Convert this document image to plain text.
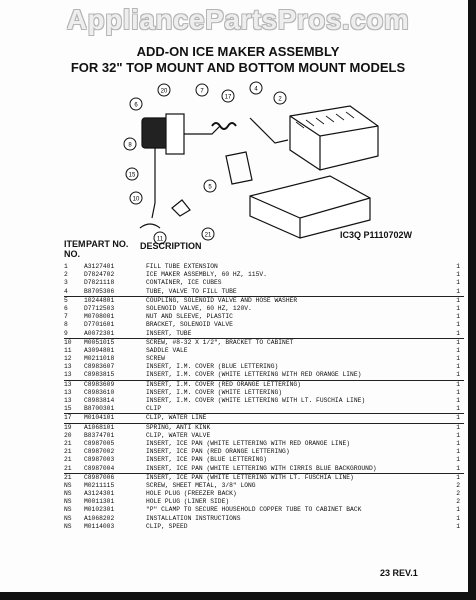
AppliancePartsPros.com
ADD-ON ICE MAKER ASSEMBLY
FOR 32" TOP MOUNT AND BOTTOM MOUNT MODELS
6
20	7
17
4
2
8
15
10
5
11
21	IC3Q P1110702W
ITEM
NO.
PART NO. DESCRIPTION
1	A3127401	FILL TUBE EXTENSION	1
2	D7824702	ICE MAKER ASSEMBLY, 60 HZ, 115V.	1
3	D7821118	CONTAINER, ICE CUBES	1
4	B8705306	TUBE, VALVE TO FILL TUBE	1
5	10244801	COUPLING, SOLENOID VALVE AND HOSE WASHER	1
6	D7712503	SOLENOID VALVE, 60 HZ, 120V.	1
7	M0708001	NUT AND SLEEVE, PLASTIC	1
8	D7701601	BRACKET, SOLENOID VALVE	1
9	A0072301	INSERT, TUBE	1
10	M0051015	SCREW, #8-32 X 1/2", BRACKET TO CABINET	1
11	A3094801	SADDLE VALE	1
12	M0211018	SCREW	1
13	C8983607	INSERT, I.M. COVER (BLUE LETTERING)	1
13	C8983815	INSERT, I.M. COVER (WHITE LETTERING WITH RED ORANGE LINE)	1
13	C8983609	INSERT, I.M. COVER (RED ORANGE LETTERING)	1
13	C8983610	INSERT, I.M. COVER (WHITE LETTERING)	1
13	C8983814	INSERT, I.M. COVER (WHITE LETTERING WITH LT. FUSCHIA LINE)	1
15	B8700301	CLIP	1
17	M0104101	CLIP, WATER LINE	1
19	A1068101	SPRING, ANTI KINK	1
20	B8374701	CLIP, WATER VALVE	1
21	C8987005	INSERT, ICE PAN (WHITE LETTERING WITH RED ORANGE LINE)	1
21	C8987002	INSERT, ICE PAN (RED ORANGE LETTERING)	1
21	C8987003	INSERT, ICE PAN (BLUE LETTERING)	1
21	C8987004	INSERT, ICE PAN (WHITE LETTERING WITH CIRRIS BLUE BACKGROUND)	1
21	C8987006	INSERT, ICE PAN (WHITE LETTERING WITH LT. FUSCHIA LINE)	1
NS	M0211115	SCREW, SHEET METAL, 3/8" LONG	2
NS	A3124301	HOLE PLUG (FREEZER BACK)	2
NS	M0011301	HOLE PLUG (LINER SIDE)	2
NS	M0102301	"P" CLAMP TO SECURE HOUSEHOLD COPPER TUBE TO CABINET BACK	1
NS	A1068202	INSTALLATION INSTRUCTIONS	1
NS	M0114003	CLIP, SPEED	1
23 REV.1
